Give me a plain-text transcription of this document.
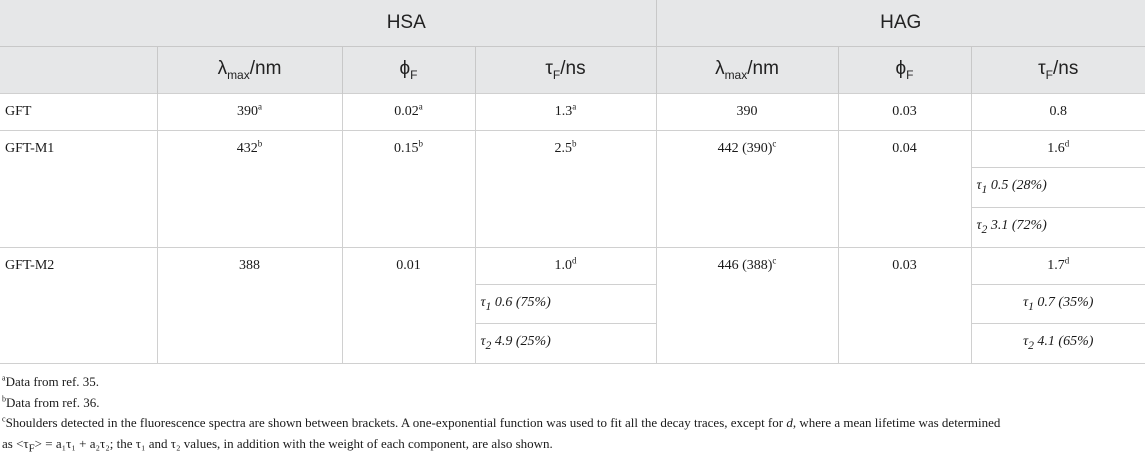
	HSA			HAG		
	$\lambda_{max}/nm$	$\phi_F$	$\tau_F/ns$	$\lambda_{max}/nm$	$\phi_F$	$\tau_F/ns$
GFT	390$^a$	0.02$^a$	1.3$^a$	390	0.03	0.8
GFT-M1	432$^b$	0.15$^b$	2.5$^b$	442 $(390)^c$	0.04	1.6$^d$
						$\tau_1$ 0.5 (28%)
						$\tau_2$ 3.1 (72%)
GFT-M2	388	0.01	1.0$^d$	446 $(388)^c$	0.03	1.7$^d$
			$\tau_1$ 0.6 (75%)			$\tau_1$ 0.7 (35%)
			$\tau_2$ 4.9 (25%)			$\tau_2$ 4.1 (65%)

$^a$Data from ref. 35.

$^b$Data from ref. 36.

$^c$Shoulders detected in the fluorescence spectra are shown between brackets. A one-exponential function was used to fit all the decay traces, except for d, where a mean lifetime was determined
as $<\tau_F> = a_1\tau_1 + a_2\tau_2$; the τ₁ and τ₂ values, in addition with the weight of each component, are also shown.
